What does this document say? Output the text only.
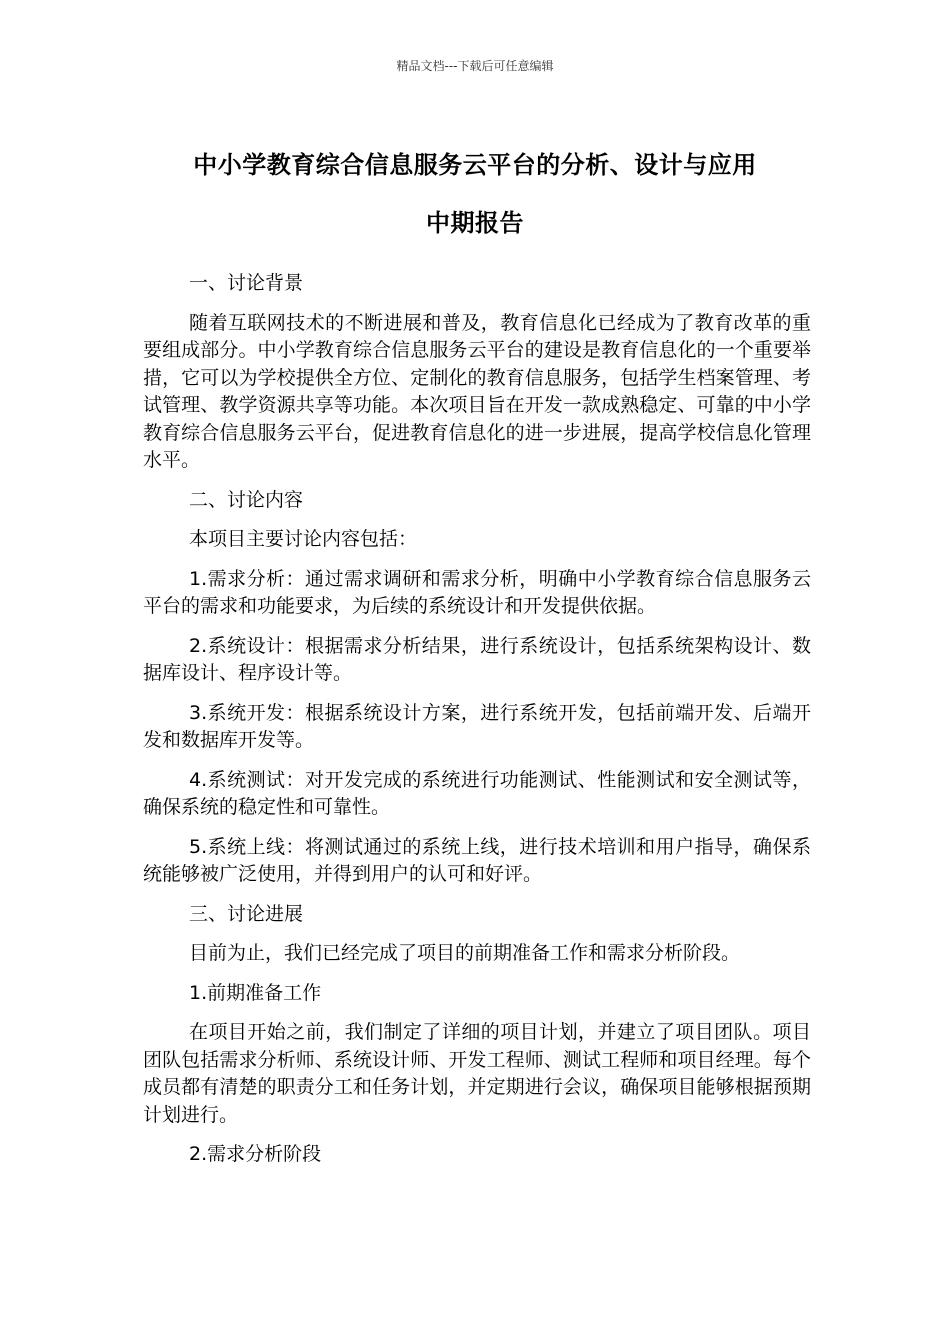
精品文档---下载后可任意编辑
中小学教育综合信息服务云平台的分析、设计与应用
中期报告

一、讨论背景

随着互联网技术的不断进展和普及，教育信息化已经成为了教育改革的重要组成部分。中小学教育综合信息服务云平台的建设是教育信息化的一个重要举措，它可以为学校提供全方位、定制化的教育信息服务，包括学生档案管理、考试管理、教学资源共享等功能。本次项目旨在开发一款成熟稳定、可靠的中小学教育综合信息服务云平台，促进教育信息化的进一步进展，提高学校信息化管理水平。

二、讨论内容

本项目主要讨论内容包括：

1.需求分析：通过需求调研和需求分析，明确中小学教育综合信息服务云平台的需求和功能要求，为后续的系统设计和开发提供依据。

2.系统设计：根据需求分析结果，进行系统设计，包括系统架构设计、数据库设计、程序设计等。

3.系统开发：根据系统设计方案，进行系统开发，包括前端开发、后端开发和数据库开发等。

4.系统测试：对开发完成的系统进行功能测试、性能测试和安全测试等，确保系统的稳定性和可靠性。

5.系统上线：将测试通过的系统上线，进行技术培训和用户指导，确保系统能够被广泛使用，并得到用户的认可和好评。

三、讨论进展

目前为止，我们已经完成了项目的前期准备工作和需求分析阶段。

1.前期准备工作

在项目开始之前，我们制定了详细的项目计划，并建立了项目团队。项目团队包括需求分析师、系统设计师、开发工程师、测试工程师和项目经理。每个成员都有清楚的职责分工和任务计划，并定期进行会议，确保项目能够根据预期计划进行。

2.需求分析阶段
